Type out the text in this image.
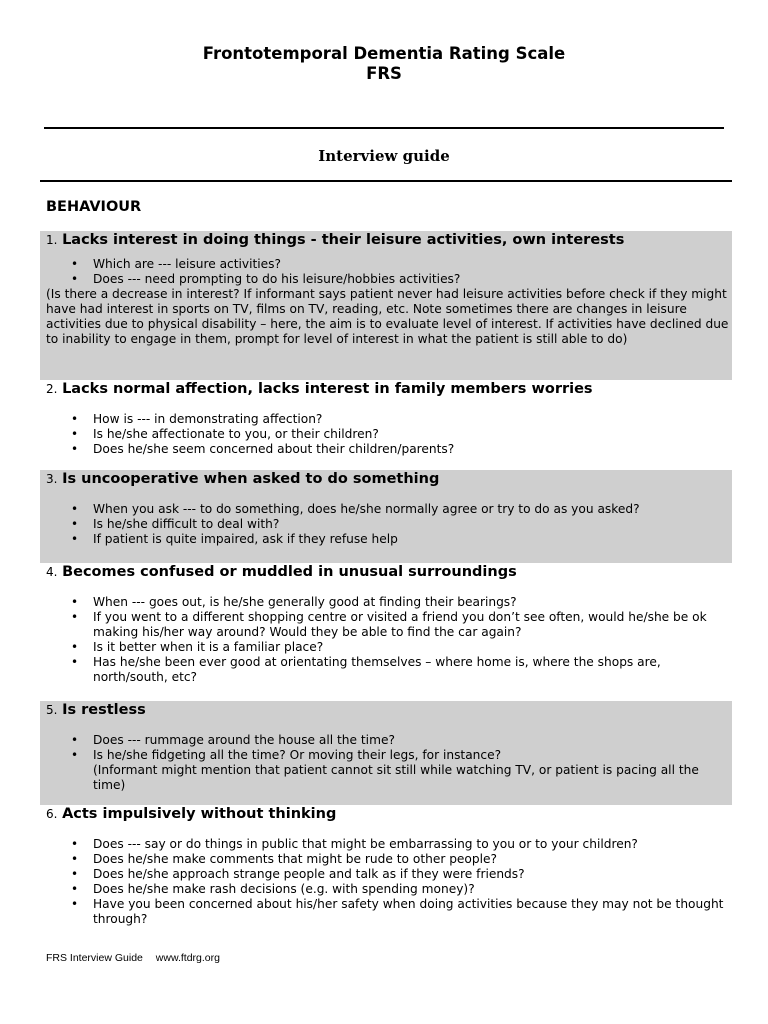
Frontotemporal Dementia Rating Scale
FRS
Interview guide
BEHAVIOUR

1. Lacks interest in doing things - their leisure activities, own interests

• Which are --- leisure activities?
• Does --- need prompting to do his leisure/hobbies activities?

(Is there a decrease in interest? If informant says patient never had leisure activities before check if they might have had interest in sports on TV, films on TV, reading, etc. Note sometimes there are changes in leisure activities due to physical disability – here, the aim is to evaluate level of interest. If activities have declined due to inability to engage in them, prompt for level of interest in what the patient is still able to do)

2. Lacks normal affection, lacks interest in family members worries

• How is --- in demonstrating affection?
• Is he/she affectionate to you, or their children?
• Does he/she seem concerned about their children/parents?

3. Is uncooperative when asked to do something

• When you ask --- to do something, does he/she normally agree or try to do as you asked?
• Is he/she difficult to deal with?
• If patient is quite impaired, ask if they refuse help

4. Becomes confused or muddled in unusual surroundings

• When --- goes out, is he/she generally good at finding their bearings?
• If you went to a different shopping centre or visited a friend you don’t see often, would he/she be ok making his/her way around? Would they be able to find the car again?
• Is it better when it is a familiar place?
• Has he/she been ever good at orientating themselves – where home is, where the shops are, north/south, etc?

5. Is restless

• Does --- rummage around the house all the time?
• Is he/she fidgeting all the time? Or moving their legs, for instance?
(Informant might mention that patient cannot sit still while watching TV, or patient is pacing all the time)

6. Acts impulsively without thinking

• Does --- say or do things in public that might be embarrassing to you or to your children?
• Does he/she make comments that might be rude to other people?
• Does he/she approach strange people and talk as if they were friends?
• Does he/she make rash decisions (e.g. with spending money)?
• Have you been concerned about his/her safety when doing activities because they may not be thought through?
FRS Interview Guide www.ftdrg.org
